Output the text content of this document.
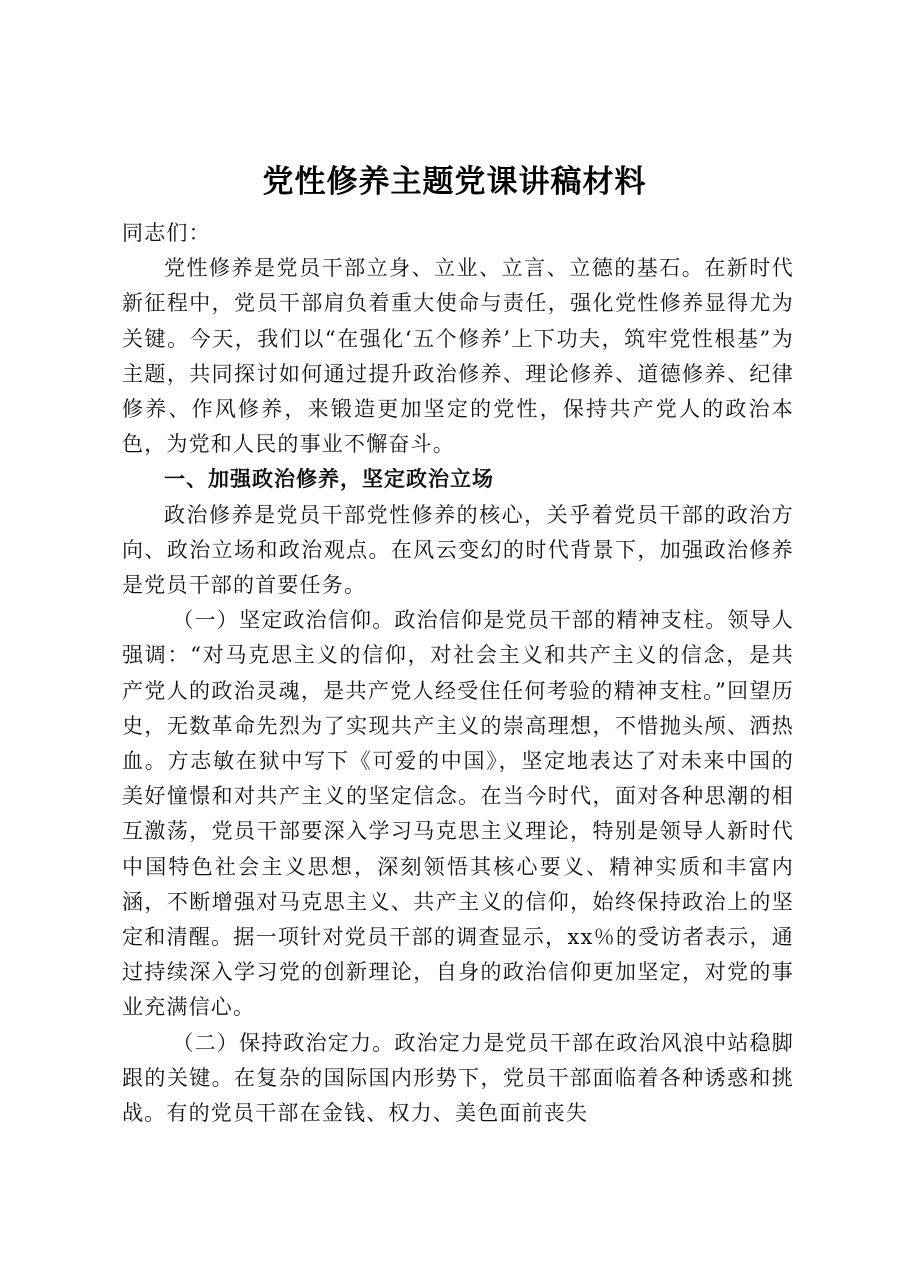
党性修养主题党课讲稿材料

同志们：

党性修养是党员干部立身、立业、立言、立德的基石。在新时代新征程中，党员干部肩负着重大使命与责任，强化党性修养显得尤为关键。今天，我们以“在强化‘五个修养’上下功夫，筑牢党性根基”为主题，共同探讨如何通过提升政治修养、理论修养、道德修养、纪律修养、作风修养，来锻造更加坚定的党性，保持共产党人的政治本色，为党和人民的事业不懈奋斗。

一、加强政治修养，坚定政治立场

政治修养是党员干部党性修养的核心，关乎着党员干部的政治方向、政治立场和政治观点。在风云变幻的时代背景下，加强政治修养是党员干部的首要任务。

（一）坚定政治信仰。政治信仰是党员干部的精神支柱。领导人强调：“对马克思主义的信仰，对社会主义和共产主义的信念，是共产党人的政治灵魂，是共产党人经受住任何考验的精神支柱。”回望历史，无数革命先烈为了实现共产主义的崇高理想，不惜抛头颅、洒热血。方志敏在狱中写下《可爱的中国》，坚定地表达了对未来中国的美好憧憬和对共产主义的坚定信念。在当今时代，面对各种思潮的相互激荡，党员干部要深入学习马克思主义理论，特别是领导人新时代中国特色社会主义思想，深刻领悟其核心要义、精神实质和丰富内涵，不断增强对马克思主义、共产主义的信仰，始终保持政治上的坚定和清醒。据一项针对党员干部的调查显示，xx％的受访者表示，通过持续深入学习党的创新理论，自身的政治信仰更加坚定，对党的事业充满信心。

（二）保持政治定力。政治定力是党员干部在政治风浪中站稳脚跟的关键。在复杂的国际国内形势下，党员干部面临着各种诱惑和挑战。有的党员干部在金钱、权力、美色面前丧失
